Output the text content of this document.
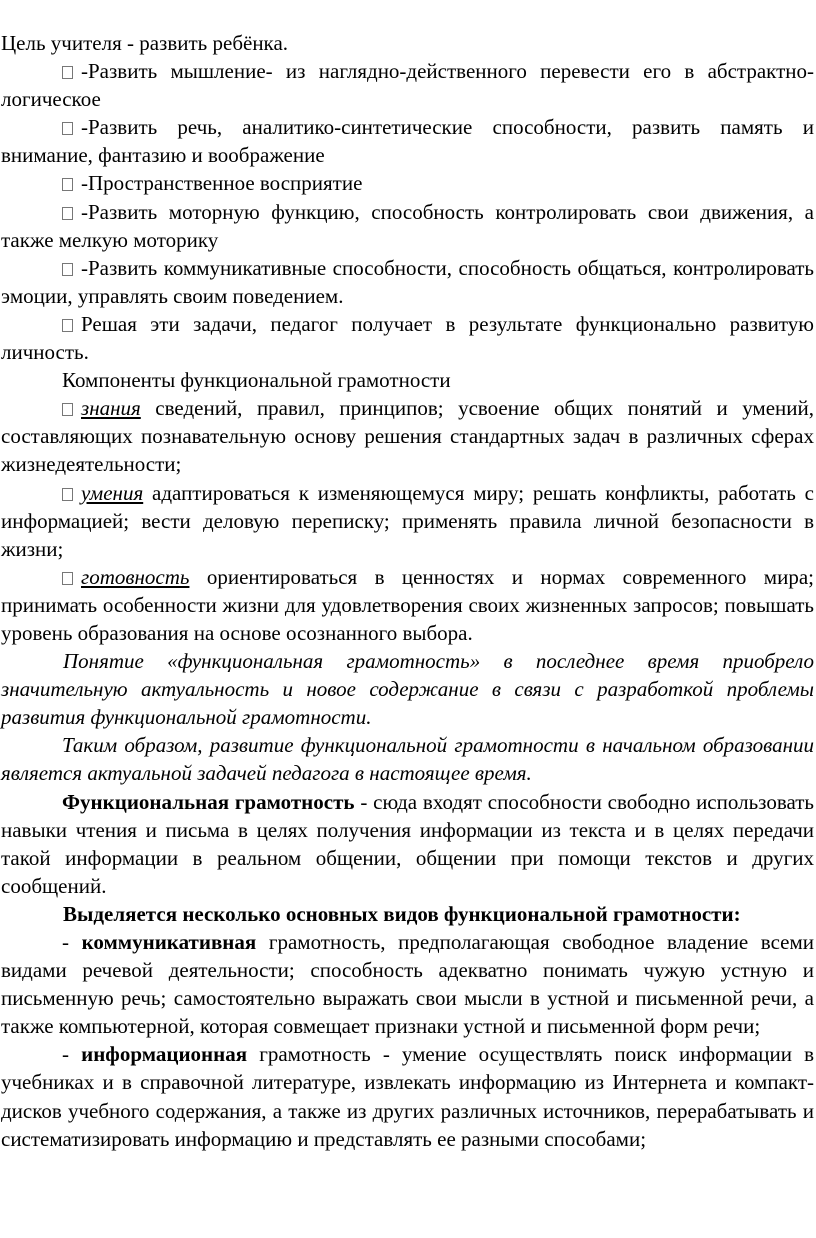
Цель учителя - развить ребёнка.

-Развить мышление- из наглядно-действенного перевести его в абстрактно-логическое

-Развить речь, аналитико-синтетические способности, развить память и внимание, фантазию и воображение

-Пространственное восприятие

-Развить моторную функцию, способность контролировать свои движения, а также мелкую моторику

-Развить коммуникативные способности, способность общаться, контролировать эмоции, управлять своим поведением.

Решая эти задачи, педагог получает в результате функционально развитую личность.

Компоненты функциональной грамотности

знания сведений, правил, принципов; усвоение общих понятий и умений, составляющих познавательную основу решения стандартных задач в различных сферах жизнедеятельности;

умения адаптироваться к изменяющемуся миру; решать конфликты, работать с информацией; вести деловую переписку; применять правила личной безопасности в жизни;

готовность ориентироваться в ценностях и нормах современного мира; принимать особенности жизни для удовлетворения своих жизненных запросов; повышать уровень образования на основе осознанного выбора.

Понятие «функциональная грамотность» в последнее время приобрело значительную актуальность и новое содержание в связи с разработкой проблемы развития функциональной грамотности.

Таким образом, развитие функциональной грамотности в начальном образовании является актуальной задачей педагога в настоящее время.

Функциональная грамотность - сюда входят способности свободно использовать навыки чтения и письма в целях получения информации из текста и в целях передачи такой информации в реальном общении, общении при помощи текстов и других сообщений.

Выделяется несколько основных видов функциональной грамотности:

- коммуникативная грамотность, предполагающая свободное владение всеми видами речевой деятельности; способность адекватно понимать чужую устную и письменную речь; самостоятельно выражать свои мысли в устной и письменной речи, а также компьютерной, которая совмещает признаки устной и письменной форм речи;

- информационная грамотность - умение осуществлять поиск информации в учебниках и в справочной литературе, извлекать информацию из Интернета и компакт-дисков учебного содержания, а также из других различных источников, перерабатывать и систематизировать информацию и представлять ее разными способами;
